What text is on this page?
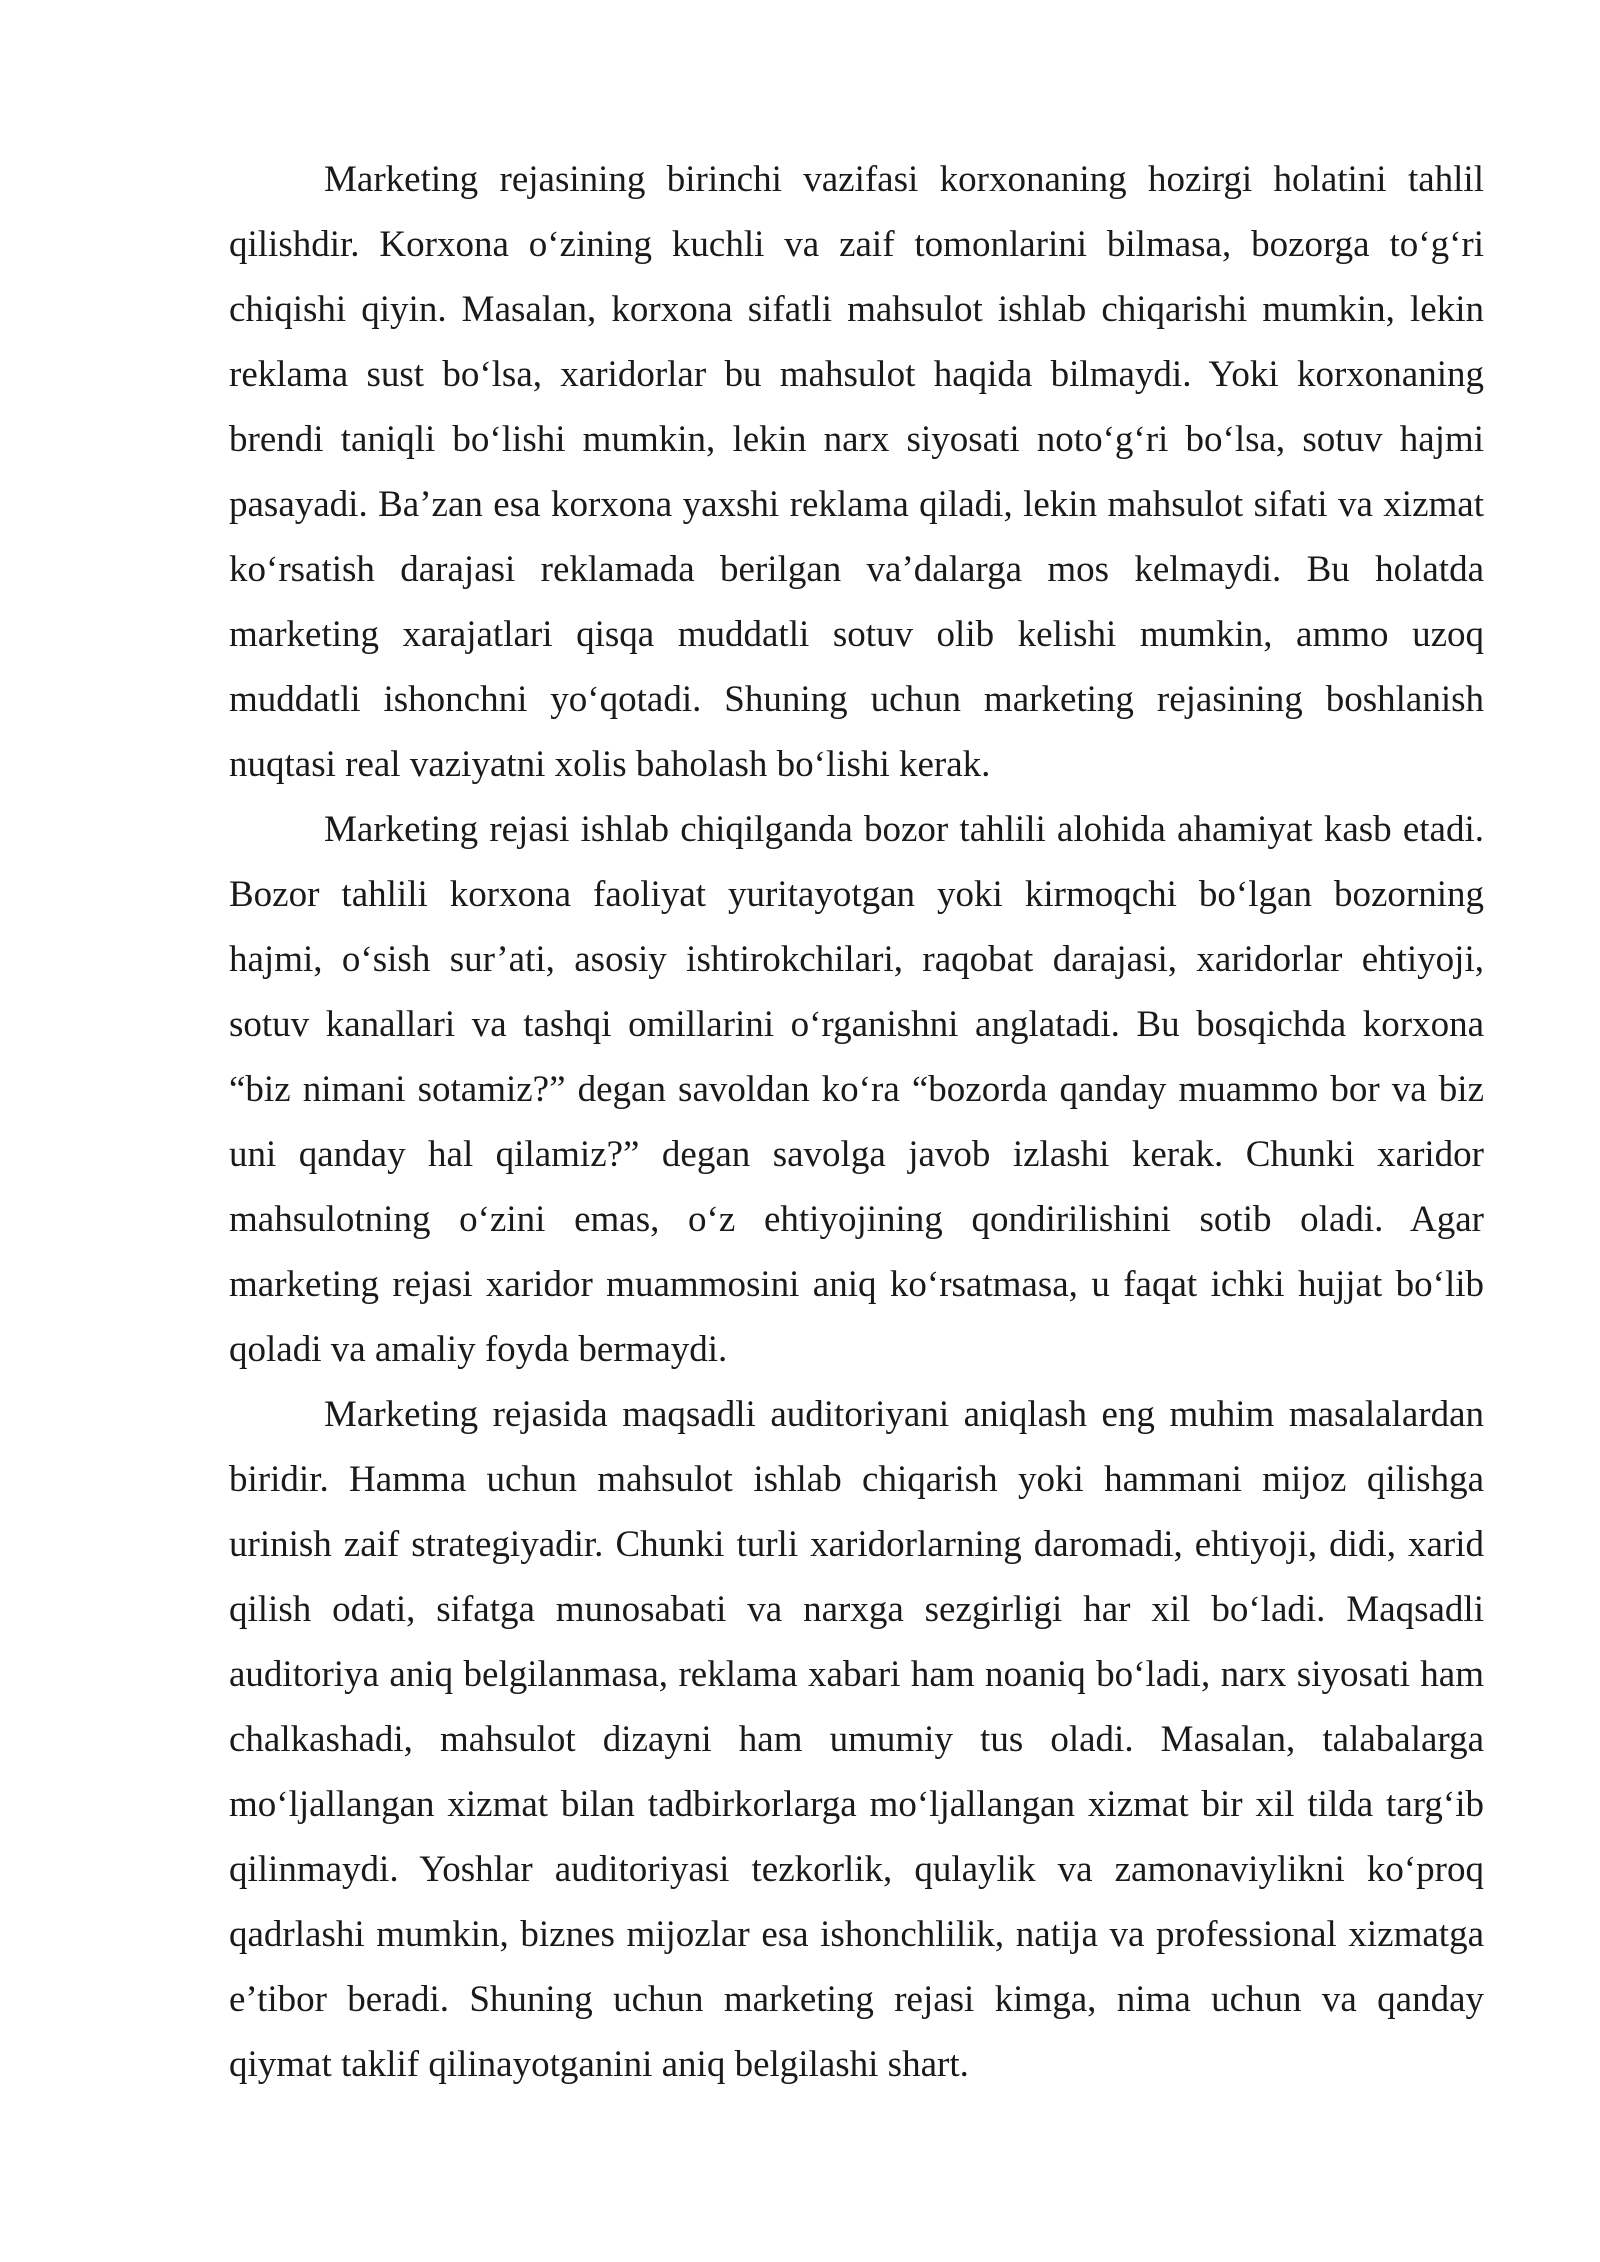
Marketing rejasining birinchi vazifasi korxonaning hozirgi holatini tahlil qilishdir. Korxona o‘zining kuchli va zaif tomonlarini bilmasa, bozorga to‘g‘ri chiqishi qiyin. Masalan, korxona sifatli mahsulot ishlab chiqarishi mumkin, lekin reklama sust bo‘lsa, xaridorlar bu mahsulot haqida bilmaydi. Yoki korxonaning brendi taniqli bo‘lishi mumkin, lekin narx siyosati noto‘g‘ri bo‘lsa, sotuv hajmi pasayadi. Ba’zan esa korxona yaxshi reklama qiladi, lekin mahsulot sifati va xizmat ko‘rsatish darajasi reklamada berilgan va’dalarga mos kelmaydi. Bu holatda marketing xarajatlari qisqa muddatli sotuv olib kelishi mumkin, ammo uzoq muddatli ishonchni yo‘qotadi. Shuning uchun marketing rejasining boshlanish nuqtasi real vaziyatni xolis baholash bo‘lishi kerak.

Marketing rejasi ishlab chiqilganda bozor tahlili alohida ahamiyat kasb etadi. Bozor tahlili korxona faoliyat yuritayotgan yoki kirmoqchi bo‘lgan bozorning hajmi, o‘sish sur’ati, asosiy ishtirokchilari, raqobat darajasi, xaridorlar ehtiyoji, sotuv kanallari va tashqi omillarini o‘rganishni anglatadi. Bu bosqichda korxona “biz nimani sotamiz?” degan savoldan ko‘ra “bozorda qanday muammo bor va biz uni qanday hal qilamiz?” degan savolga javob izlashi kerak. Chunki xaridor mahsulotning o‘zini emas, o‘z ehtiyojining qondirilishini sotib oladi. Agar marketing rejasi xaridor muammosini aniq ko‘rsatmasa, u faqat ichki hujjat bo‘lib qoladi va amaliy foyda bermaydi.

Marketing rejasida maqsadli auditoriyani aniqlash eng muhim masalalardan biridir. Hamma uchun mahsulot ishlab chiqarish yoki hammani mijoz qilishga urinish zaif strategiyadir. Chunki turli xaridorlarning daromadi, ehtiyoji, didi, xarid qilish odati, sifatga munosabati va narxga sezgirligi har xil bo‘ladi. Maqsadli auditoriya aniq belgilanmasa, reklama xabari ham noaniq bo‘ladi, narx siyosati ham chalkashadi, mahsulot dizayni ham umumiy tus oladi. Masalan, talabalarga mo‘ljallangan xizmat bilan tadbirkorlarga mo‘ljallangan xizmat bir xil tilda targ‘ib qilinmaydi. Yoshlar auditoriyasi tezkorlik, qulaylik va zamonaviylikni ko‘proq qadrlashi mumkin, biznes mijozlar esa ishonchlilik, natija va professional xizmatga e’tibor beradi. Shuning uchun marketing rejasi kimga, nima uchun va qanday qiymat taklif qilinayotganini aniq belgilashi shart.
